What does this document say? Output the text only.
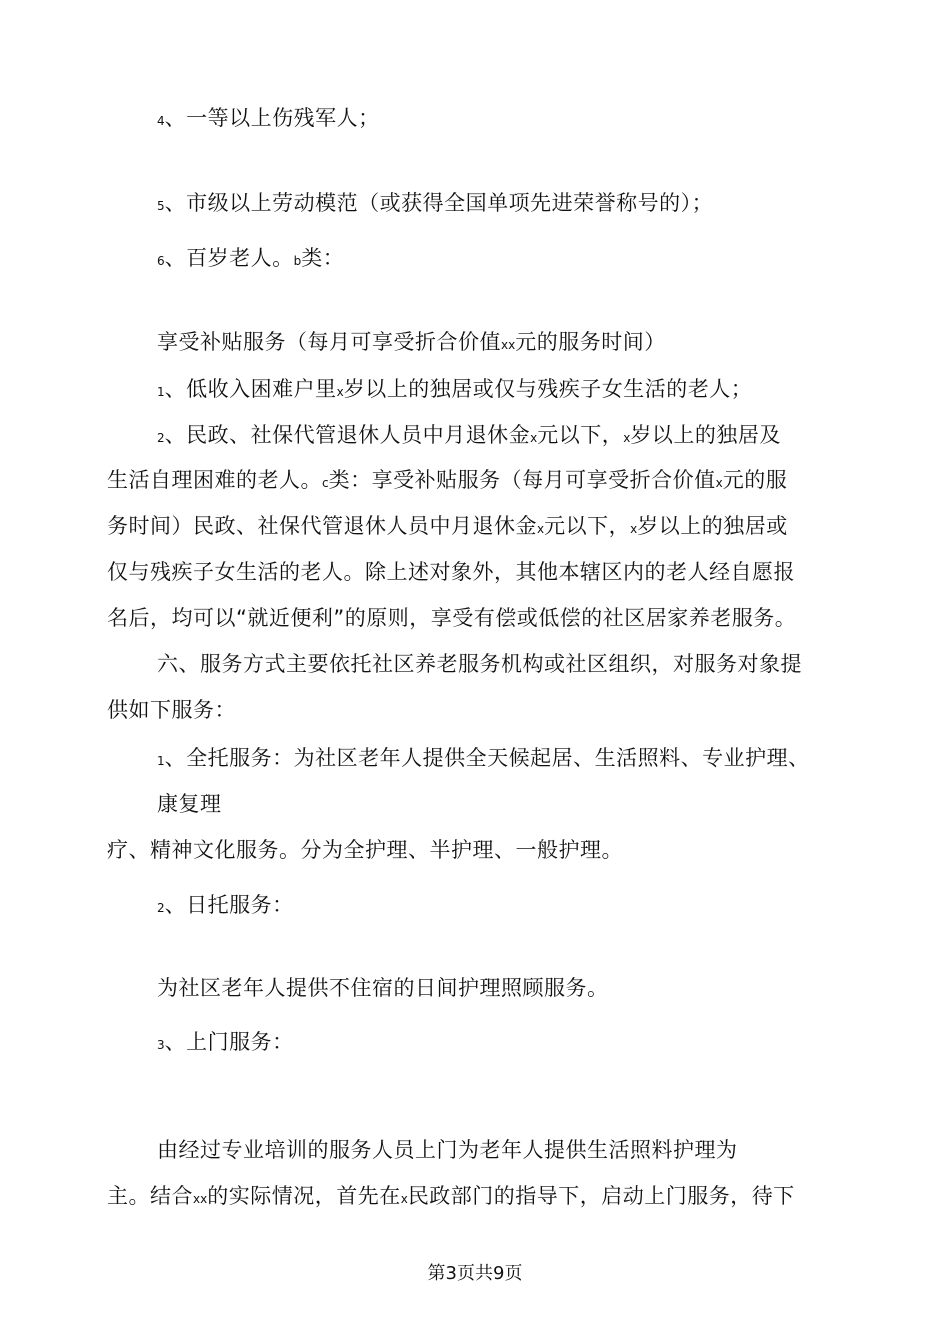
4、一等以上伤残军人；
5、市级以上劳动模范（或获得全国单项先进荣誉称号的）；
6、百岁老人。b类：
享受补贴服务（每月可享受折合价值xx元的服务时间）
1、低收入困难户里x岁以上的独居或仅与残疾子女生活的老人；
2、民政、社保代管退休人员中月退休金x元以下，x岁以上的独居及
生活自理困难的老人。c类：享受补贴服务（每月可享受折合价值x元的服
务时间）民政、社保代管退休人员中月退休金x元以下，x岁以上的独居或
仅与残疾子女生活的老人。除上述对象外，其他本辖区内的老人经自愿报
名后，均可以“就近便利”的原则，享受有偿或低偿的社区居家养老服务。
六、服务方式主要依托社区养老服务机构或社区组织，对服务对象提
供如下服务：
1、全托服务：为社区老年人提供全天候起居、生活照料、专业护理、
康复理
疗、精神文化服务。分为全护理、半护理、一般护理。
2、日托服务：
为社区老年人提供不住宿的日间护理照顾服务。
3、上门服务：
由经过专业培训的服务人员上门为老年人提供生活照料护理为
主。结合xx的实际情况，首先在x民政部门的指导下，启动上门服务，待下
第3页共9页
